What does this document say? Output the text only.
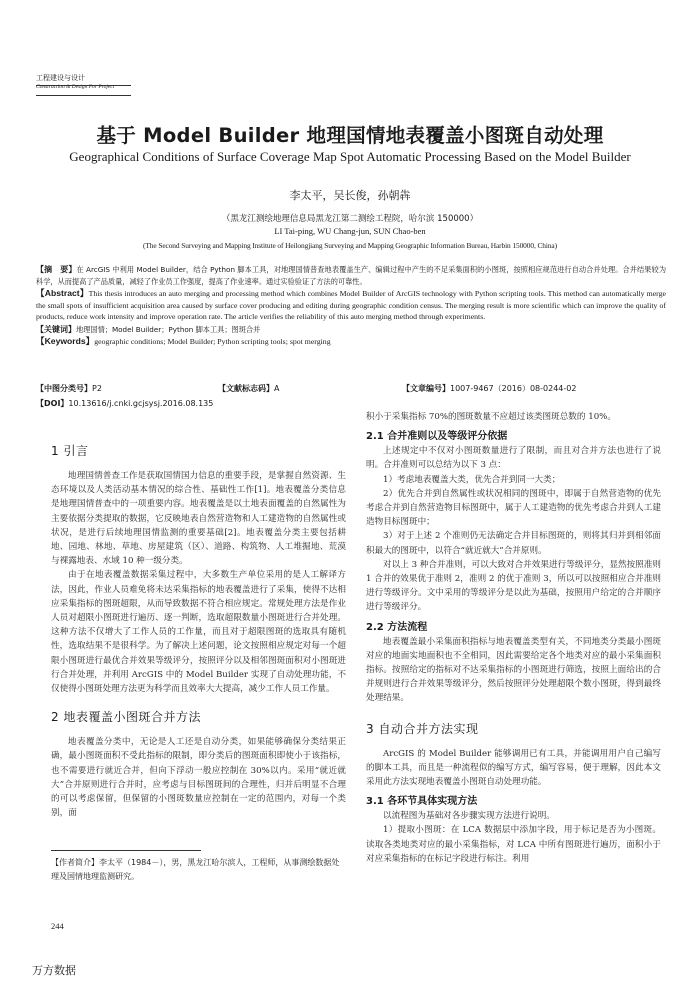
工程建设与设计
Construction & Design For Project
基于 Model Builder 地理国情地表覆盖小图斑自动处理
Geographical Conditions of Surface Coverage Map Spot Automatic Processing Based on the Model Builder
李太平，吴长俊，孙朝犇
（黑龙江测绘地理信息局黑龙江第二测绘工程院，哈尔滨 150000）
LI Tai-ping, WU Chang-jun, SUN Chao-ben
(The Second Surveying and Mapping Institute of Heilongjiang Surveying and Mapping Geographic Information Bureau, Harbin 150000, China)

【摘　要】在 ArcGIS 中利用 Model Builder，结合 Python 脚本工具，对地理国情普查地表覆盖生产、编辑过程中产生的不足采集面积的小图斑，按照相应规范进行自动合并处理。合并结果较为科学，从而提高了产品质量，减轻了作业员工作强度，提高了作业速率。通过实验验证了方法的可靠性。

【Abstract】This thesis introduces an auto merging and processing method which combines Model Builder of ArcGIS technology with Python scripting tools. This method can automatically merge the small spots of insufficient acquisition area caused by surface cover producing and editing during geographic condition census. The merging result is more scientific which can improve the quality of products, reduce work intensity and improve operation rate. The article verifies the reliability of this auto merging method through experiments.

【关键词】地理国情；Model Builder；Python 脚本工具；图斑合并

【Keywords】geographic conditions; Model Builder; Python scripting tools; spot merging

【中图分类号】P2	【文献标志码】A	【文章编号】1007-9467（2016）08-0244-02
【DOI】10.13616/j.cnki.gcjsysj.2016.08.135
1 引言

地理国情普查工作是获取国情国力信息的重要手段，是掌握自然资源、生态环境以及人类活动基本情况的综合性、基础性工作[1]。地表覆盖分类信息是地理国情普查中的一项重要内容。地表覆盖是以土地表面覆盖的自然属性为主要依据分类提取的数据，它反映地表自然营造物和人工建造物的自然属性或状况，是进行后续地理国情监测的重要基础[2]。地表覆盖分类主要包括耕地、园地、林地、草地、房屋建筑（区）、道路、构筑物、人工堆掘地、荒漠与裸露地表、水域 10 种一级分类。

由于在地表覆盖数据采集过程中，大多数生产单位采用的是人工解译方法，因此，作业人员难免将未达采集指标的地表覆盖进行了采集，使得不达相应采集指标的图斑超限，从而导致数据不符合相应规定。常规处理方法是作业人员对超限小图斑进行遍历、逐一判断，选取超限数量小图斑进行合并处理。这种方法不仅增大了工作人员的工作量，而且对于超限图斑的选取具有随机性，选取结果不是很科学。为了解决上述问题，论文按照相应规定对每一个超限小图斑进行最优合并效果等级评分，按照评分以及相邻图斑面积对小图斑进行合并处理，并利用 ArcGIS 中的 Model Builder 实现了自动处理功能，不仅使得小图斑处理方法更为科学而且效率大大提高，减少工作人员工作量。

2 地表覆盖小图斑合并方法

地表覆盖分类中，无论是人工还是自动分类，如果能够确保分类结果正确，最小图斑面积不受此指标的限制，即分类后的图斑面积即使小于该指标，也不需要进行就近合并，但向下浮动一般应控制在 30%以内。采用“就近就大”合并原则进行合并时，应考虑与目标图斑间的合理性，归并后明显不合理的可以考虑保留，但保留的小图斑数量应控制在一定的范围内，对每一个类别，面

【作者简介】李太平（1984－），男，黑龙江哈尔滨人，工程师，从事测绘数据处理及国情地理监测研究。
244
万方数据

积小于采集指标 70%的图斑数量不应超过该类图斑总数的 10%。

2.1 合并准则以及等级评分依据

上述规定中不仅对小图斑数量进行了限制，而且对合并方法也进行了说明。合并准则可以总结为以下 3 点：

1）考虑地表覆盖大类，优先合并到同一大类；

2）优先合并到自然属性或状况相同的图斑中，即属于自然营造物的优先考虑合并到自然营造物目标图斑中，属于人工建造物的优先考虑合并到人工建造物目标图斑中；

3）对于上述 2 个准则仍无法确定合并目标图斑的，则将其归并到相邻面积最大的图斑中，以符合“就近就大”合并原则。

对以上 3 种合并准则，可以大致对合并效果进行等级评分，显然按照准则 1 合并的效果优于准则 2，准则 2 的优于准则 3，所以可以按照相应合并准则进行等级评分。文中采用的等级评分是以此为基础，按照用户给定的合并顺序进行等级评分。

2.2 方法流程

地表覆盖最小采集面积指标与地表覆盖类型有关，不同地类分类最小图斑对应的地面实地面积也不全相同，因此需要给定各个地类对应的最小采集面积指标。按照给定的指标对不达采集指标的小图斑进行筛选，按照上面给出的合并规则进行合并效果等级评分，然后按照评分处理超限个数小图斑，得到最终处理结果。

3 自动合并方法实现

ArcGIS 的 Model Builder 能够调用已有工具，并能调用用户自己编写的脚本工具，而且是一种流程似的编写方式，编写容易，便于理解，因此本文采用此方法实现地表覆盖小图斑自动处理功能。

3.1 各环节具体实现方法

以流程图为基础对各步骤实现方法进行说明。

1）提取小图斑：在 LCA 数据层中添加字段，用于标记是否为小图斑。读取各类地类对应的最小采集指标，对 LCA 中所有图斑进行遍历，面积小于对应采集指标的在标记字段进行标注。利用
